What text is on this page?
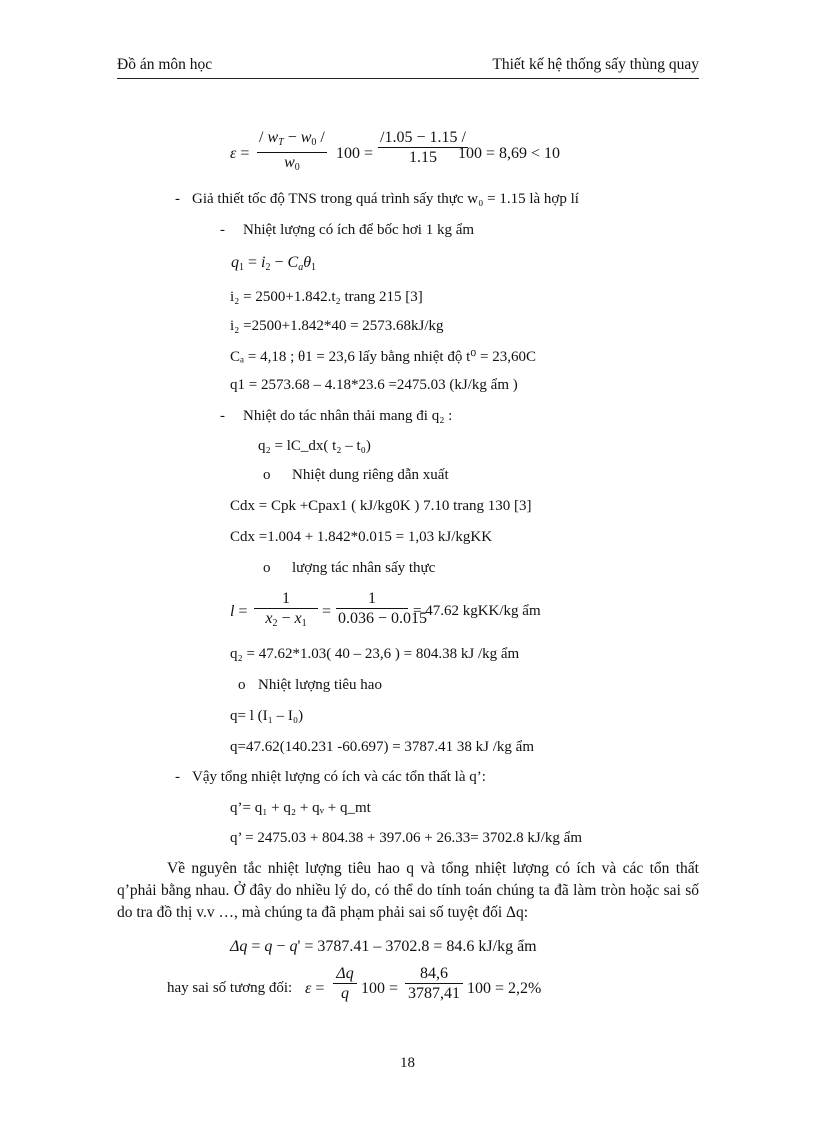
Đồ án môn học	Thiết kế hệ thống sấy thùng quay
$\varepsilon = \frac{/ w_T - w_0 /}{w_0} 100 = \frac{/1.05 - 1.15 /}{1.15}$
100 = 8,69 < 10
- Giả thiết tốc độ TNS trong quá trình sấy thực w₀ = 1.15 là hợp lí
- Nhiệt lượng có ích để bốc hơi 1 kg ẩm
$q_1 = i_2 - C_a\theta_1$
i₂ = 2500+1.842.t₂ trang 215 [3]
i₂ =2500+1.842*40 = 2573.68kJ/kg
Cₐ = 4,18 ; θ1 = 23,6 lấy bằng nhiệt độ t⁰ = 23,60C
q1 = 2573.68 – 4.18*23.6 =2475.03 (kJ/kg ẩm )
- Nhiệt do tác nhân thải mang đi q₂ :
q₂ = lC_dx( t₂ – t₀)
o Nhiệt dung riêng dẫn xuất
Cdx = Cpk +Cpax1 ( kJ/kg0K ) 7.10 trang 130 [3]
Cdx =1.004 + 1.842*0.015 = 1,03 kJ/kgKK
o lượng tác nhân sấy thực
$l = \frac{1}{x_2 - x_1} = \frac{1}{0.036 - 0.015} = 47.62$ kgKK/kg ẩm
q₂ = 47.62*1.03( 40 – 23,6 ) = 804.38 kJ /kg ẩm
o Nhiệt lượng tiêu hao
q= l (I₁ – I₀)
q=47.62(140.231 -60.697) = 3787.41 38 kJ /kg ẩm
- Vậy tổng nhiệt lượng có ích và các tổn thất là q’:
q’= q₁ + q₂ + qᵥ + q_mt
q’ = 2475.03 + 804.38 + 397.06 + 26.33= 3702.8 kJ/kg ẩm
Về nguyên tắc nhiệt lượng tiêu hao q và tổng nhiệt lượng có ích và các tổn thất q’phải bằng nhau. Ở đây do nhiều lý do, có thể do tính toán chúng ta đã làm tròn hoặc sai số do tra đồ thị v.v …, mà chúng ta đã phạm phải sai số tuyệt đối Δq:
Δq = q − q' = 3787.41 – 3702.8 = 84.6 kJ/kg ẩm
hay sai số tương đối: $\varepsilon = \frac{\Delta q}{q} 100 = \frac{84,6}{3787,41} 100 = 2,2\%$
18
